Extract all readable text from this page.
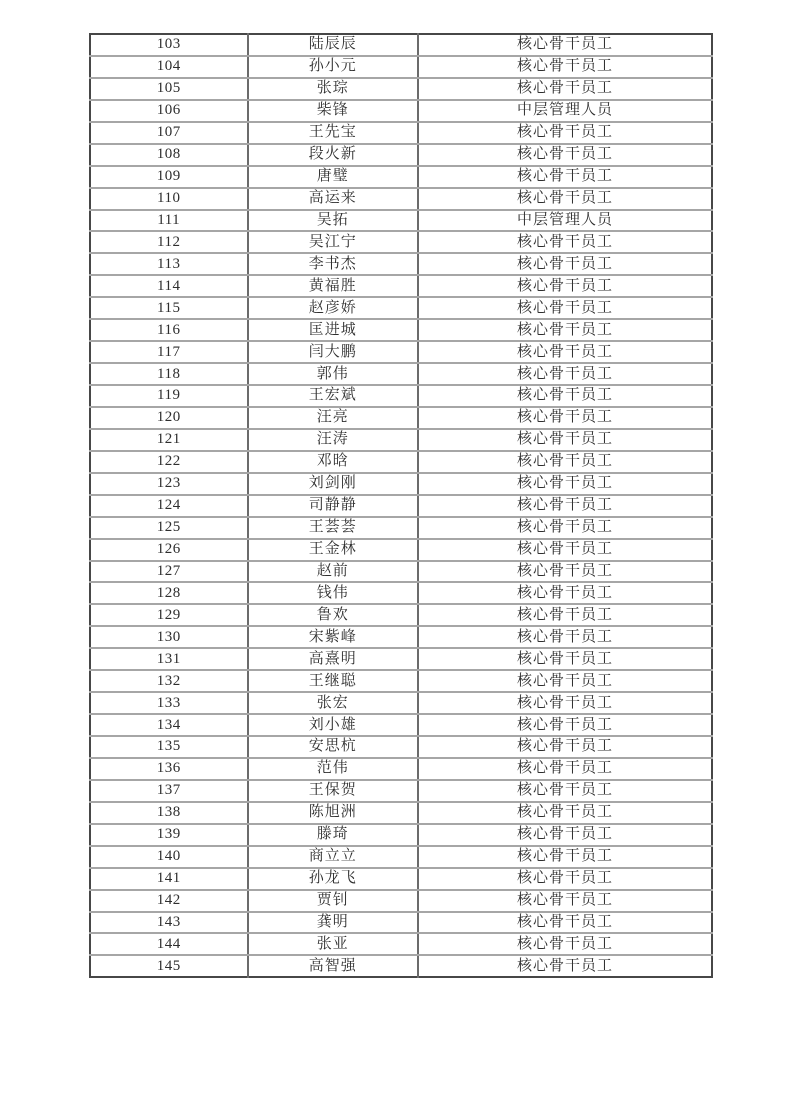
103	陆辰辰	核心骨干员工
104	孙小元	核心骨干员工
105	张琮	核心骨干员工
106	柴锋	中层管理人员
107	王先宝	核心骨干员工
108	段火新	核心骨干员工
109	唐璧	核心骨干员工
110	高运来	核心骨干员工
111	吴拓	中层管理人员
112	吴江宁	核心骨干员工
113	李书杰	核心骨干员工
114	黄福胜	核心骨干员工
115	赵彦娇	核心骨干员工
116	匡进城	核心骨干员工
117	闫大鹏	核心骨干员工
118	郭伟	核心骨干员工
119	王宏斌	核心骨干员工
120	汪亮	核心骨干员工
121	汪涛	核心骨干员工
122	邓晗	核心骨干员工
123	刘剑刚	核心骨干员工
124	司静静	核心骨干员工
125	王荟荟	核心骨干员工
126	王金林	核心骨干员工
127	赵前	核心骨干员工
128	钱伟	核心骨干员工
129	鲁欢	核心骨干员工
130	宋紫峰	核心骨干员工
131	高熹明	核心骨干员工
132	王继聪	核心骨干员工
133	张宏	核心骨干员工
134	刘小雄	核心骨干员工
135	安思杭	核心骨干员工
136	范伟	核心骨干员工
137	王保贺	核心骨干员工
138	陈旭洲	核心骨干员工
139	滕琦	核心骨干员工
140	商立立	核心骨干员工
141	孙龙飞	核心骨干员工
142	贾钊	核心骨干员工
143	龚明	核心骨干员工
144	张亚	核心骨干员工
145	高智强	核心骨干员工
